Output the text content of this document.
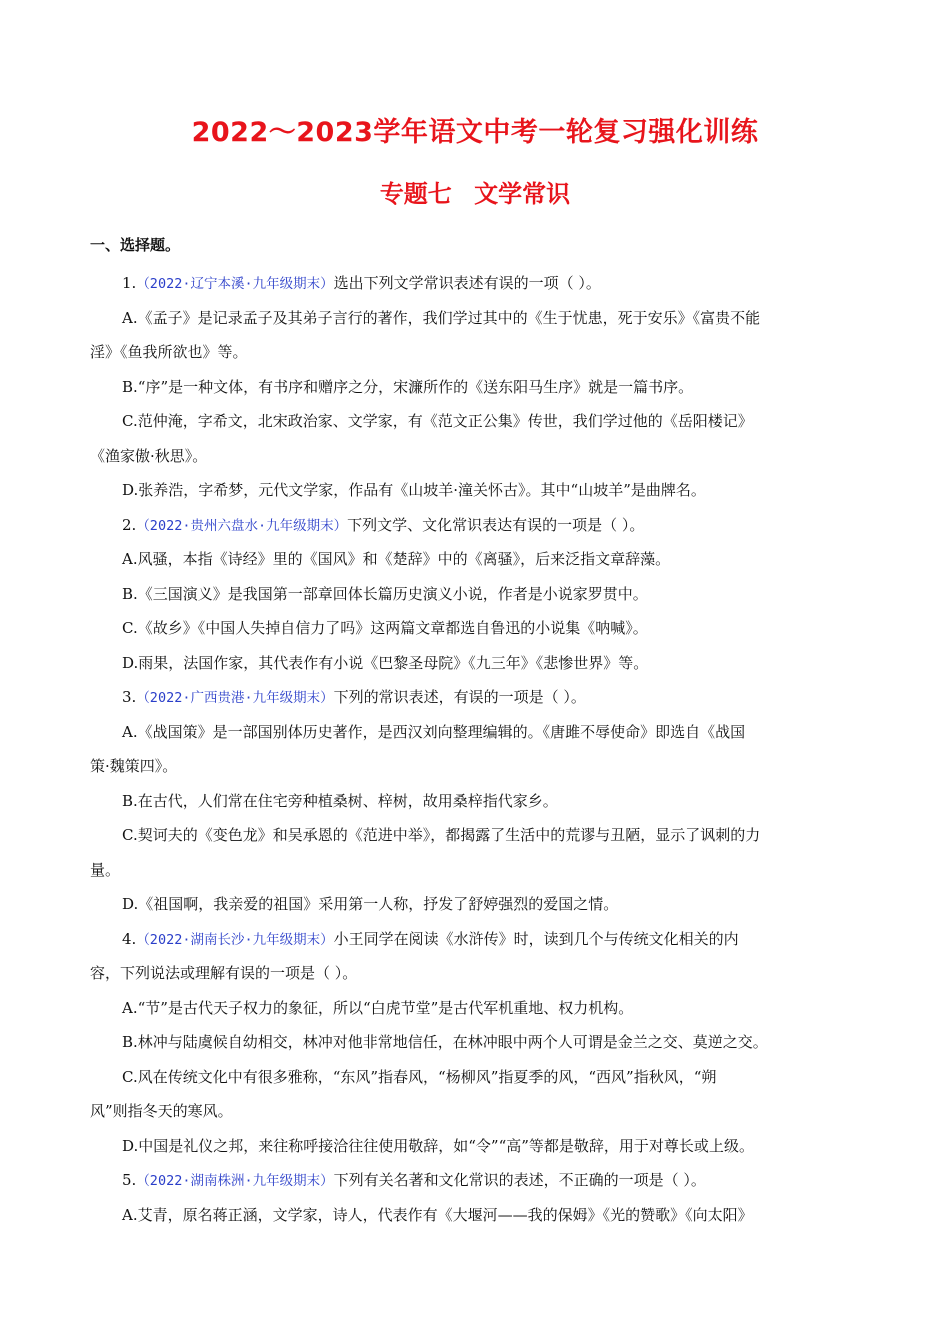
2022～2023学年语文中考一轮复习强化训练
专题七 文学常识
一、选择题。
1.（2022·辽宁本溪·九年级期末）选出下列文学常识表述有误的一项（ ）。
A.《孟子》是记录孟子及其弟子言行的著作，我们学过其中的《生于忧患，死于安乐》《富贵不能
淫》《鱼我所欲也》等。
B.“序”是一种文体，有书序和赠序之分，宋濂所作的《送东阳马生序》就是一篇书序。
C.范仲淹，字希文，北宋政治家、文学家，有《范文正公集》传世，我们学过他的《岳阳楼记》
《渔家傲·秋思》。
D.张养浩，字希梦，元代文学家，作品有《山坡羊·潼关怀古》。其中“山坡羊”是曲牌名。
2.（2022·贵州六盘水·九年级期末）下列文学、文化常识表达有误的一项是（ ）。
A.风骚，本指《诗经》里的《国风》和《楚辞》中的《离骚》，后来泛指文章辞藻。
B.《三国演义》是我国第一部章回体长篇历史演义小说，作者是小说家罗贯中。
C.《故乡》《中国人失掉自信力了吗》这两篇文章都选自鲁迅的小说集《呐喊》。
D.雨果，法国作家，其代表作有小说《巴黎圣母院》《九三年》《悲惨世界》等。
3.（2022·广西贵港·九年级期末）下列的常识表述，有误的一项是（ ）。
A.《战国策》是一部国别体历史著作，是西汉刘向整理编辑的。《唐雎不辱使命》即选自《战国
策·魏策四》。
B.在古代，人们常在住宅旁种植桑树、梓树，故用桑梓指代家乡。
C.契诃夫的《变色龙》和吴承恩的《范进中举》，都揭露了生活中的荒谬与丑陋，显示了讽刺的力
量。
D.《祖国啊，我亲爱的祖国》采用第一人称，抒发了舒婷强烈的爱国之情。
4.（2022·湖南长沙·九年级期末）小王同学在阅读《水浒传》时，读到几个与传统文化相关的内
容，下列说法或理解有误的一项是（ ）。
A.“节”是古代天子权力的象征，所以“白虎节堂”是古代军机重地、权力机构。
B.林冲与陆虞候自幼相交，林冲对他非常地信任，在林冲眼中两个人可谓是金兰之交、莫逆之交。
C.风在传统文化中有很多雅称，“东风”指春风，“杨柳风”指夏季的风，“西风”指秋风，“朔
风”则指冬天的寒风。
D.中国是礼仪之邦，来往称呼接洽往往使用敬辞，如“令”“高”等都是敬辞，用于对尊长或上级。
5.（2022·湖南株洲·九年级期末）下列有关名著和文化常识的表述，不正确的一项是（ ）。
A.艾青，原名蒋正涵，文学家，诗人，代表作有《大堰河——我的保姆》《光的赞歌》《向太阳》
